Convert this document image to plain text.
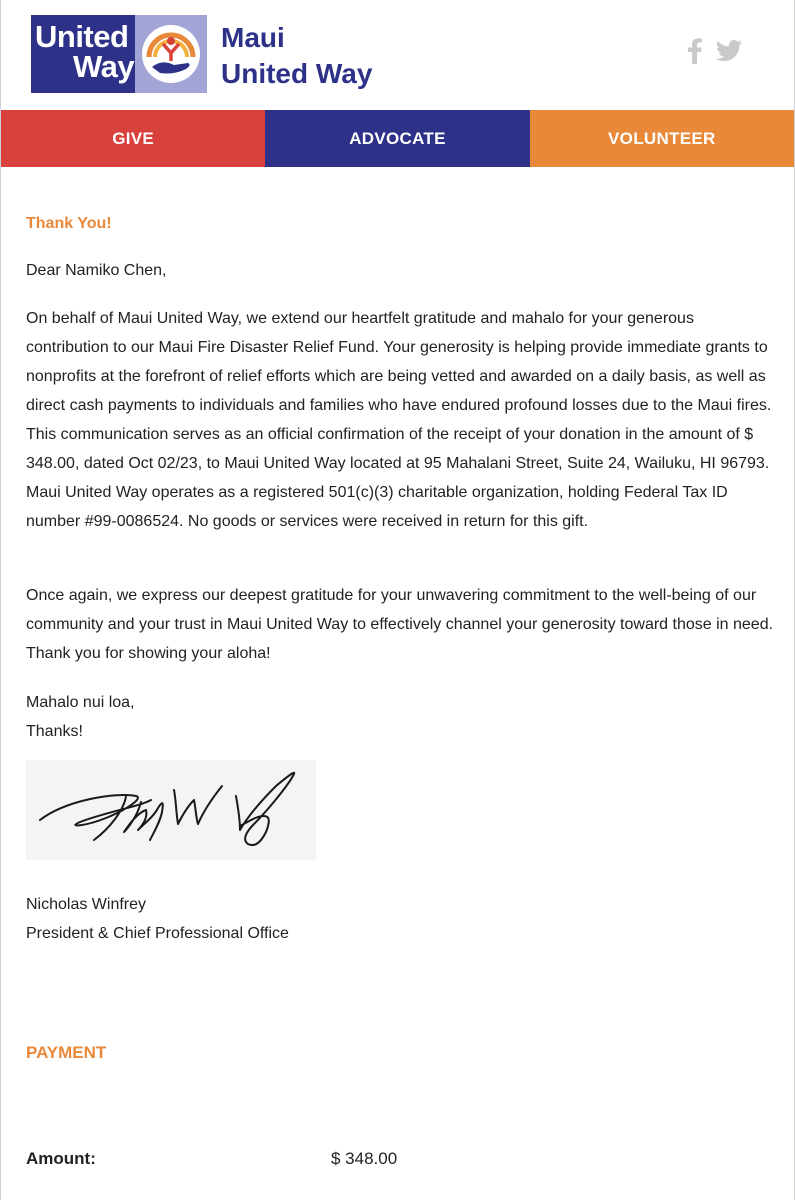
United
Way
Maui
United Way
GIVE	ADVOCATE	VOLUNTEER
Thank You!
Dear Namiko Chen,

On behalf of Maui United Way, we extend our heartfelt gratitude and mahalo for your generous contribution to our Maui Fire Disaster Relief Fund. Your generosity is helping provide immediate grants to nonprofits at the forefront of relief efforts which are being vetted and awarded on a daily basis, as well as direct cash payments to individuals and families who have endured profound losses due to the Maui fires. This communication serves as an official confirmation of the receipt of your donation in the amount of $ 348.00, dated Oct 02/23, to Maui United Way located at 95 Mahalani Street, Suite 24, Wailuku, HI 96793. Maui United Way operates as a registered 501(c)(3) charitable organization, holding Federal Tax ID number #99-0086524. No goods or services were received in return for this gift.

Once again, we express our deepest gratitude for your unwavering commitment to the well-being of our community and your trust in Maui United Way to effectively channel your generosity toward those in need. Thank you for showing your aloha!

Mahalo nui loa,
Thanks!
Nicholas Winfrey
President & Chief Professional Office
PAYMENT
Amount:	$ 348.00
